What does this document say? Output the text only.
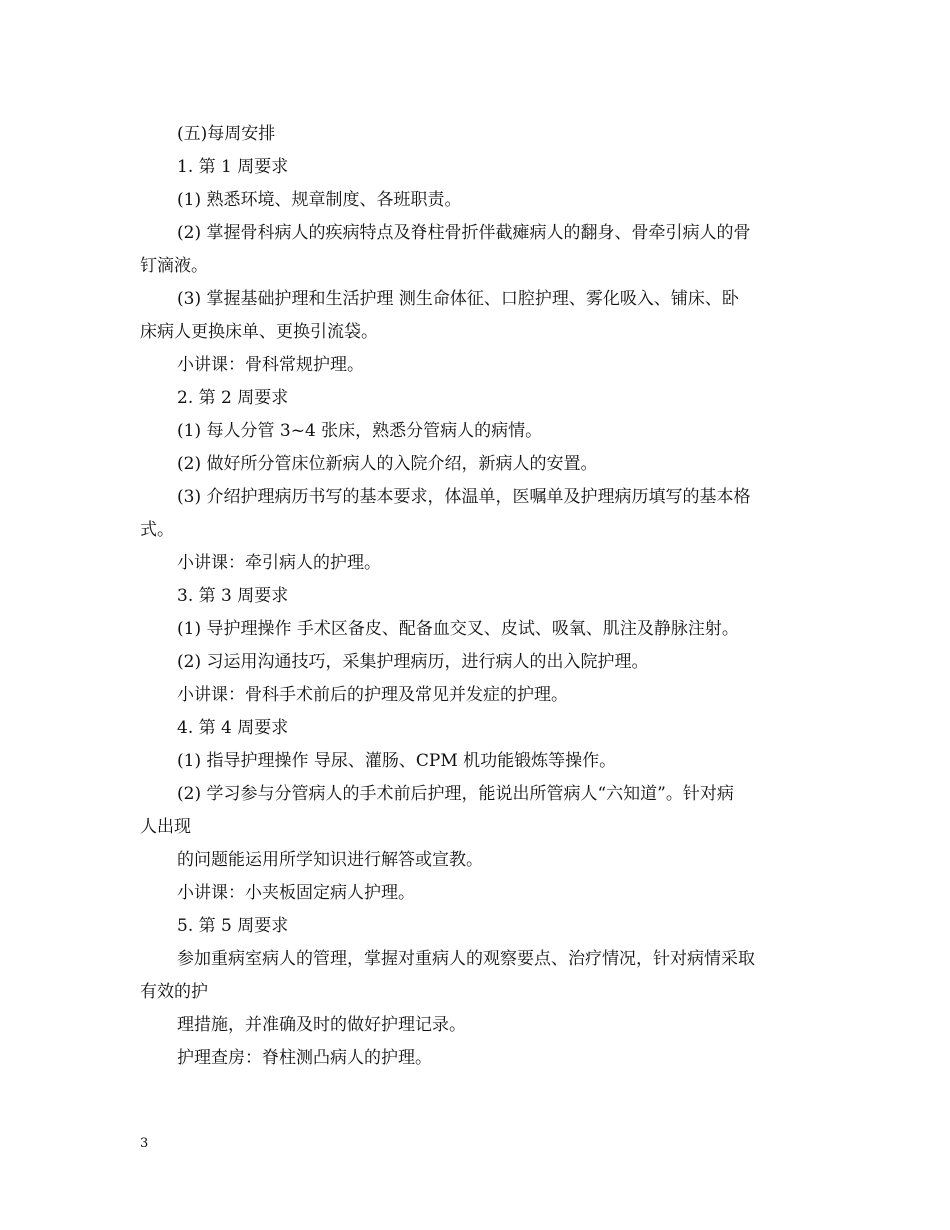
(五)每周安排
1. 第 1 周要求
(1) 熟悉环境、规章制度、各班职责。
(2) 掌握骨科病人的疾病特点及脊柱骨折伴截瘫病人的翻身、骨牵引病人的骨
钉滴液。
(3) 掌握基础护理和生活护理 测生命体征、口腔护理、雾化吸入、铺床、卧
床病人更换床单、更换引流袋。
小讲课：骨科常规护理。
2. 第 2 周要求
(1) 每人分管 3~4 张床，熟悉分管病人的病情。
(2) 做好所分管床位新病人的入院介绍，新病人的安置。
(3) 介绍护理病历书写的基本要求，体温单，医嘱单及护理病历填写的基本格
式。
小讲课：牵引病人的护理。
3. 第 3 周要求
(1) 导护理操作 手术区备皮、配备血交叉、皮试、吸氧、肌注及静脉注射。
(2) 习运用沟通技巧，采集护理病历，进行病人的出入院护理。
小讲课：骨科手术前后的护理及常见并发症的护理。
4. 第 4 周要求
(1) 指导护理操作 导尿、灌肠、CPM 机功能锻炼等操作。
(2) 学习参与分管病人的手术前后护理，能说出所管病人“六知道”。针对病
人出现
的问题能运用所学知识进行解答或宣教。
小讲课：小夹板固定病人护理。
5. 第 5 周要求
参加重病室病人的管理，掌握对重病人的观察要点、治疗情况，针对病情采取
有效的护
理措施，并准确及时的做好护理记录。
护理查房：脊柱测凸病人的护理。
3
